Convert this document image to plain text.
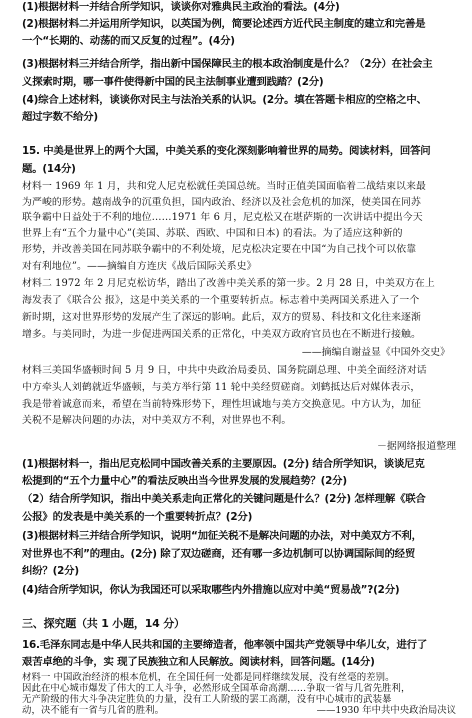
(1)根据材料一并结合所学知识，谈谈你对雅典民主政治的看法。(4分)
(2)根据材料二并运用所学知识，以英国为例，简要论述西方近代民主制度的建立和完善是
一个“长期的、动荡的而又反复的过程”。(4分)
(3)根据材料三并结合所学，指出新中国保障民主的根本政治制度是什么？（2分）在社会主
义探索时期，哪一事件使得新中国的民主法制事业遭到践踏？(2分)
(4)综合上述材料，谈谈你对民主与法治关系的认识。(2分。填在答题卡相应的空格之中、
超过字数不给分)
15. 中美是世界上的两个大国，中美关系的变化深刻影响着世界的局势。阅读材料，回答问
题。(14分)
材料一 1969 年 1 月，共和党人尼克松就任美国总统。当时正值美国面临着二战结束以来最
为严峻的形势。越南战争的沉重负担，国内政治、经济以及社会危机的加深，使美国在同苏
联争霸中日益处于不利的地位……1971 年 6 月，尼克松又在堪萨斯的一次讲话中提出今天
世界上有“五个力量中心”(美国、苏联、西欧、中国和日本) 的看法。为了适应这种新的
形势，并改善美国在同苏联争霸中的不利处境，尼克松决定要在中国“为自己找个可以依靠
对有利地位”。——摘编自方连庆《战后国际关系史》
材料二 1972 年 2 月尼克松访华，踏出了改善中美关系的第一步。2 月 28 日，中美双方在上
海发表了《联合公 报》，这是中美关系的一个重要转折点。标志着中美两国关系进入了一个
新时期，这对世界形势的发展产生了深远的影响。此后，双方的贸易、科技和文化往来逐渐
增多。与美同时，为进一步促进两国关系的正常化，中美双方政府官员也在不断进行接触。
——摘编自谢益显《中国外交史》
材料三美国华盛顿时间 5 月 9 日，中共中央政治局委员、国务院副总理、中美全面经济对话
中方牵头人刘鹤就近华盛顿，与美方举行第 11 轮中美经贸磋商。刘鹤抵达后对媒体表示，
我是带着诚意而来，希望在当前特殊形势下，理性坦诚地与美方交换意见。中方认为，加征
关税不是解决问题的办法，对中美双方不利，对世界也不利。
－据网络报道整理
(1)根据材料一，指出尼克松同中国改善关系的主要原因。(2分) 结合所学知识，谈谈尼克
松提到的“五个力量中心”的看法反映出当今世界发展的发展趋势？(2分)
（2）结合所学知识，指出中美关系走向正常化的关键问题是什么？(2分) 怎样理解《联合
公报》的发表是中美关系的一个重要转折点？(2分)
(3)根据材料三并结合所学知识，说明“加征关税不是解决问题的办法，对中美双方不利，
对世界也不利”的理由。(2分) 除了双边磋商，还有哪一多边机制可以协调国际间的经贸
纠纷？(2分)
(4)结合所学知识，你认为我国还可以采取哪些内外措施以应对中美“贸易战”?(2分)
三、探究题（共 1 小题，14 分）
16.毛泽东同志是中华人民共和国的主要缔造者，他率领中国共产党领导中华儿女，进行了
艰苦卓绝的斗争，实 现了民族独立和人民解放。阅读材料，回答问题。(14分)
材料一 中国政治经济的根本危机，在全国任何一处都是同样继续发展，没有丝毫的差别。
因此在中心城市爆发了伟大的工人斗争，必然形成全国革命高潮……争取一省与几省先胜利，
无产阶级的伟大斗争决定胜负的力量，没有工人阶级的罢工高潮，没有中心城市的武装暴
动，决不能有一省与几省的胜利。	——1930 年中共中央政治局决议
